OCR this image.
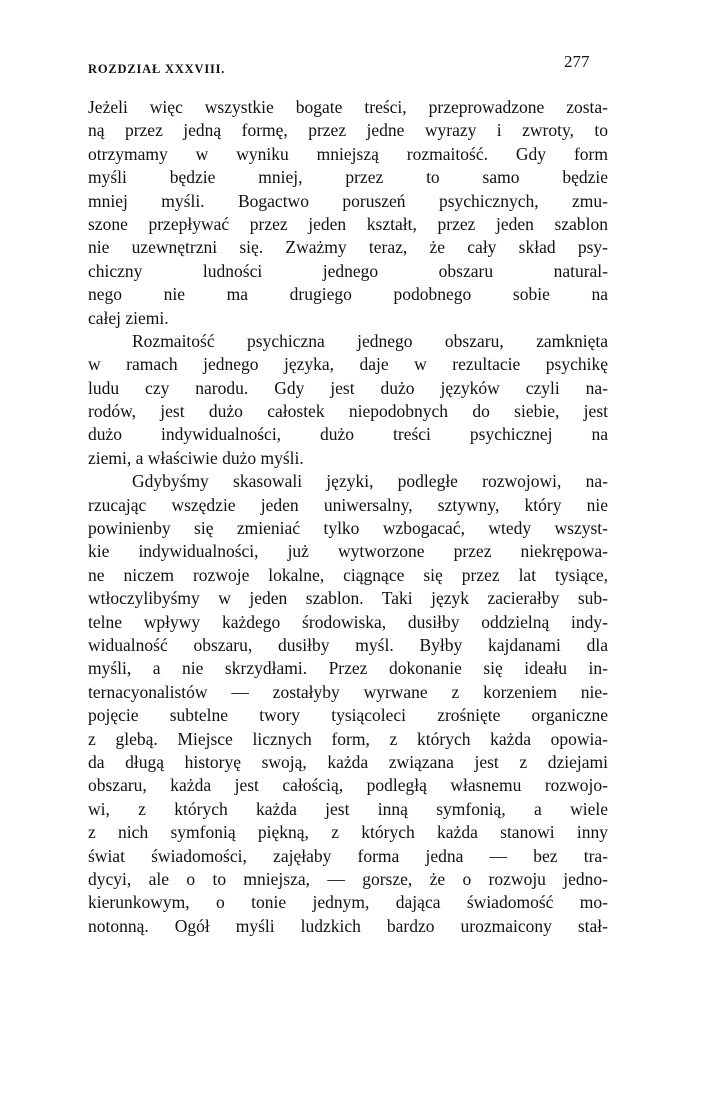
ROZDZIAŁ XXXVIII.	277
Jeżeli więc wszystkie bogate treści, przeprowadzone zosta-
ną przez jedną formę, przez jedne wyrazy i zwroty, to
otrzymamy w wyniku mniejszą rozmaitość. Gdy form
myśli będzie mniej, przez to samo będzie
mniej myśli. Bogactwo poruszeń psychicznych, zmu-
szone przepływać przez jeden kształt, przez jeden szablon
nie uzewnętrzni się. Zważmy teraz, że cały skład psy-
chiczny ludności jednego obszaru natural-
nego nie ma drugiego podobnego sobie na
całej ziemi.
Rozmaitość psychiczna jednego obszaru, zamknięta
w ramach jednego języka, daje w rezultacie psychikę
ludu czy narodu. Gdy jest dużo języków czyli na-
rodów, jest dużo całostek niepodobnych do siebie, jest
dużo indywidualności, dużo treści psychicznej na
ziemi, a właściwie dużo myśli.
Gdybyśmy skasowali języki, podległe rozwojowi, na-
rzucając wszędzie jeden uniwersalny, sztywny, który nie
powinienby się zmieniać tylko wzbogacać, wtedy wszyst-
kie indywidualności, już wytworzone przez niekrępowa-
ne niczem rozwoje lokalne, ciągnące się przez lat tysiące,
wtłoczylibyśmy w jeden szablon. Taki język zacierałby sub-
telne wpływy każdego środowiska, dusiłby oddzielną indy-
widualność obszaru, dusiłby myśl. Byłby kajdanami dla
myśli, a nie skrzydłami. Przez dokonanie się ideału in-
ternacyonalistów — zostałyby wyrwane z korzeniem nie-
pojęcie subtelne twory tysiącoleci zrośnięte organiczne
z glebą. Miejsce licznych form, z których każda opowia-
da długą historyę swoją, każda związana jest z dziejami
obszaru, każda jest całością, podległą własnemu rozwojo-
wi, z których każda jest inną symfonią, a wiele
z nich symfonią piękną, z których każda stanowi inny
świat świadomości, zajęłaby forma jedna — bez tra-
dycyi, ale o to mniejsza, — gorsze, że o rozwoju jedno-
kierunkowym, o tonie jednym, dająca świadomość mo-
notonną. Ogół myśli ludzkich bardzo urozmaicony stał-
